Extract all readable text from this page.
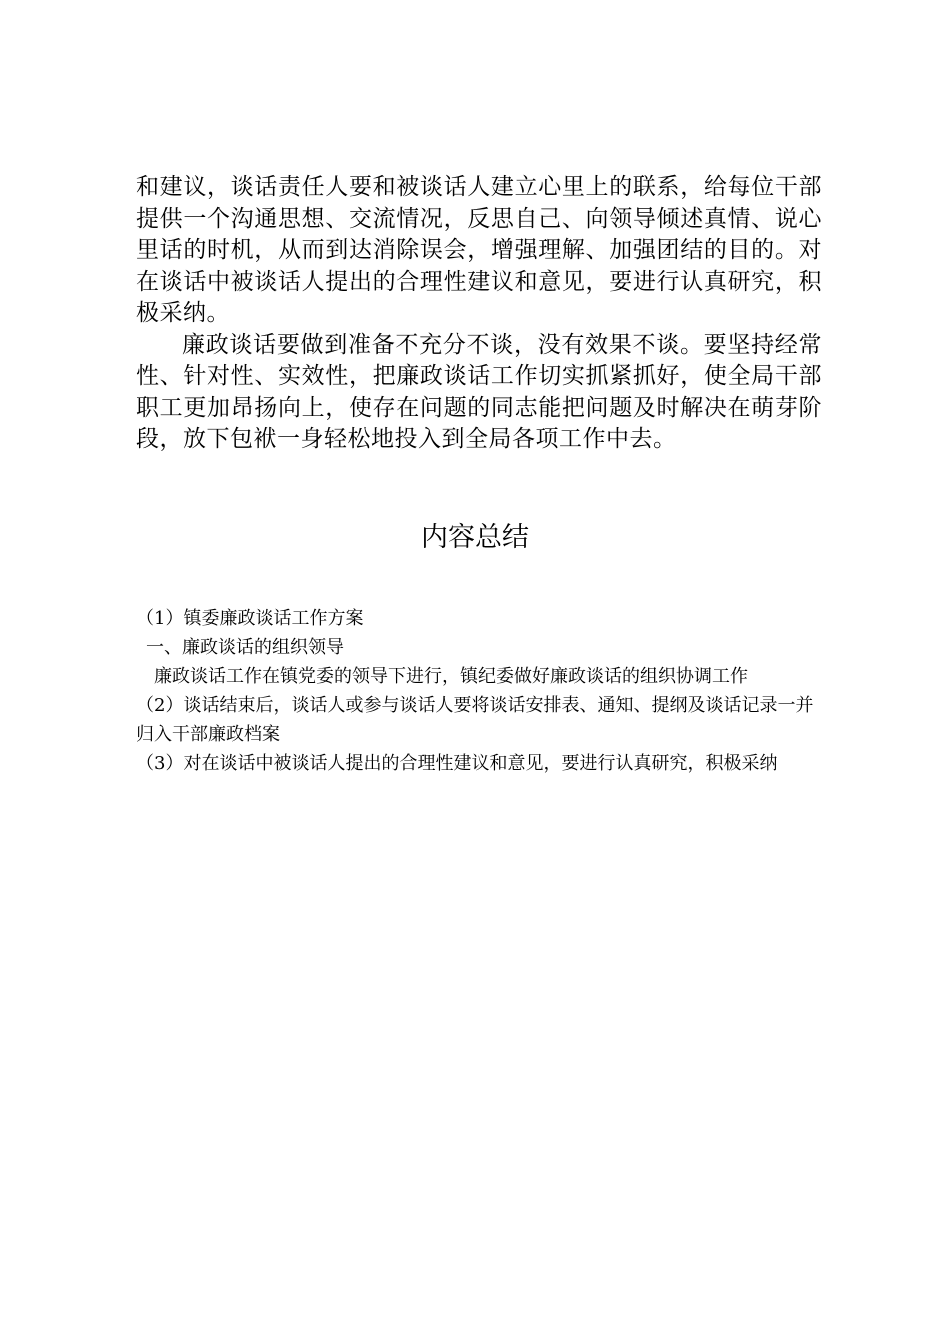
和建议，谈话责任人要和被谈话人建立心里上的联系，给每位干部提供一个沟通思想、交流情况，反思自己、向领导倾述真情、说心里话的时机，从而到达消除误会，增强理解、加强团结的目的。对在谈话中被谈话人提出的合理性建议和意见，要进行认真研究，积极采纳。

廉政谈话要做到准备不充分不谈，没有效果不谈。要坚持经常性、针对性、实效性，把廉政谈话工作切实抓紧抓好，使全局干部职工更加昂扬向上，使存在问题的同志能把问题及时解决在萌芽阶段，放下包袱一身轻松地投入到全局各项工作中去。

内容总结

（1）镇委廉政谈话工作方案

一、廉政谈话的组织领导

廉政谈话工作在镇党委的领导下进行，镇纪委做好廉政谈话的组织协调工作

（2）谈话结束后，谈话人或参与谈话人要将谈话安排表、通知、提纲及谈话记录一并归入干部廉政档案

（3）对在谈话中被谈话人提出的合理性建议和意见，要进行认真研究，积极采纳
